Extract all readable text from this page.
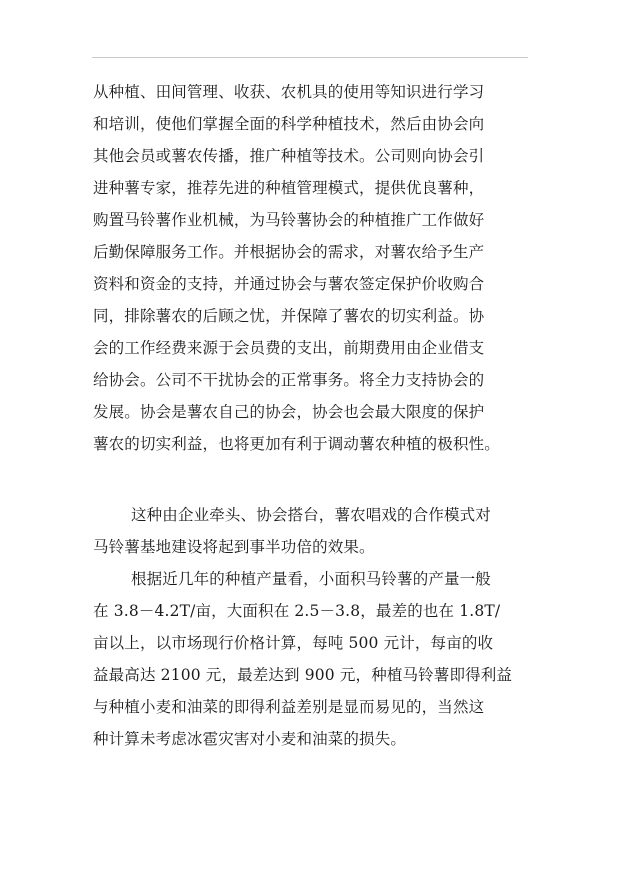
从种植、田间管理、收获、农机具的使用等知识进行学习
和培训，使他们掌握全面的科学种植技术，然后由协会向
其他会员或薯农传播，推广种植等技术。公司则向协会引
进种薯专家，推荐先进的种植管理模式，提供优良薯种，
购置马铃薯作业机械，为马铃薯协会的种植推广工作做好
后勤保障服务工作。并根据协会的需求，对薯农给予生产
资料和资金的支持，并通过协会与薯农签定保护价收购合
同，排除薯农的后顾之忧，并保障了薯农的切实利益。协
会的工作经费来源于会员费的支出，前期费用由企业借支
给协会。公司不干扰协会的正常事务。将全力支持协会的
发展。协会是薯农自己的协会，协会也会最大限度的保护
薯农的切实利益，也将更加有利于调动薯农种植的极积性。
这种由企业牵头、协会搭台，薯农唱戏的合作模式对
马铃薯基地建设将起到事半功倍的效果。
根据近几年的种植产量看，小面积马铃薯的产量一般
在 3.8－4.2T/亩，大面积在 2.5－3.8，最差的也在 1.8T/
亩以上，以市场现行价格计算，每吨 500 元计，每亩的收
益最高达 2100 元，最差达到 900 元，种植马铃薯即得利益
与种植小麦和油菜的即得利益差别是显而易见的，当然这
种计算未考虑冰雹灾害对小麦和油菜的损失。
